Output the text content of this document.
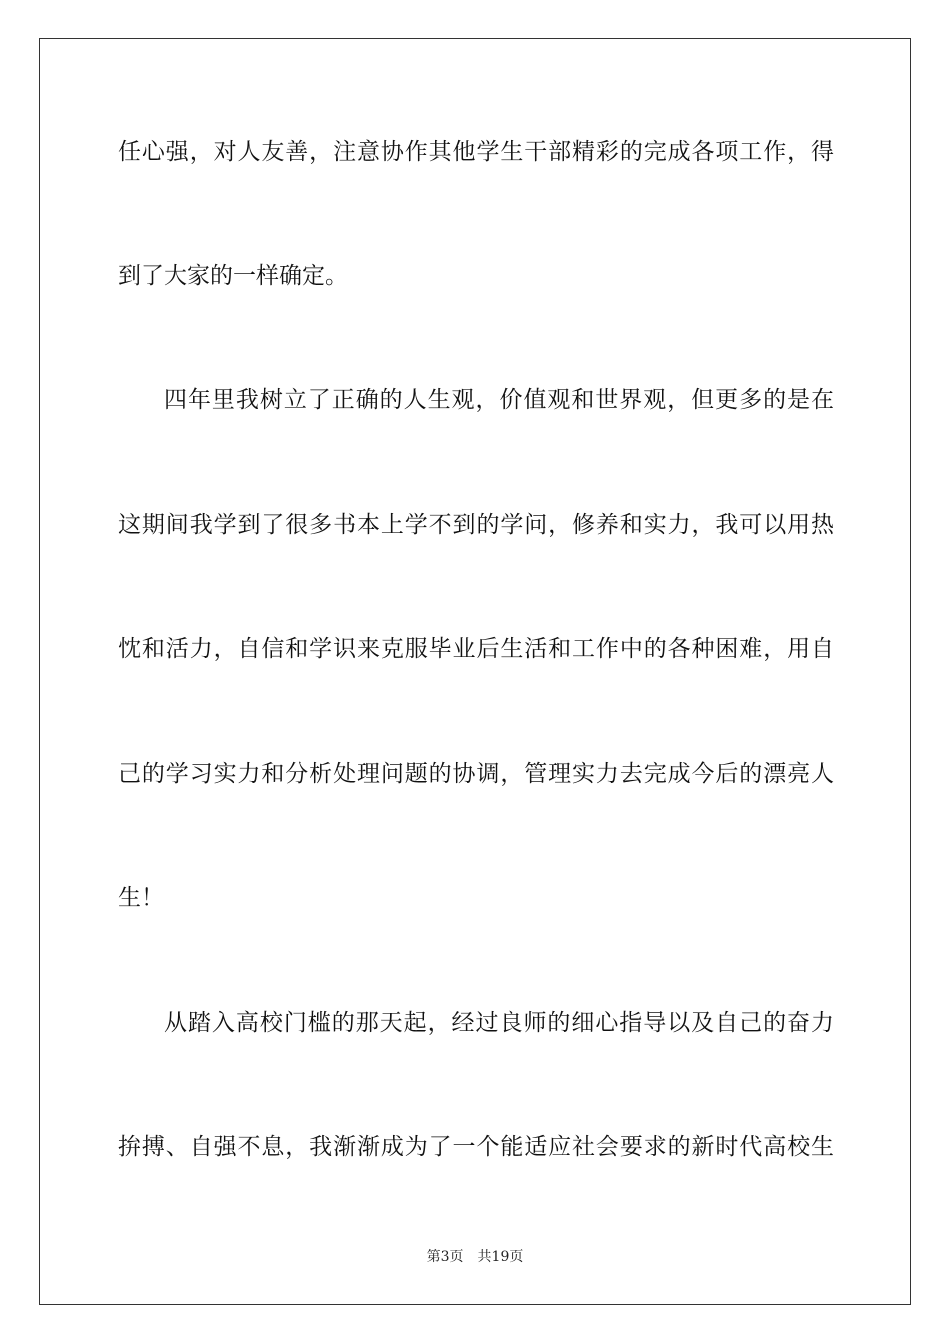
任心强，对人友善，注意协作其他学生干部精彩的完成各项工作，得
到了大家的一样确定。
四年里我树立了正确的人生观，价值观和世界观，但更多的是在
这期间我学到了很多书本上学不到的学问，修养和实力，我可以用热
忱和活力，自信和学识来克服毕业后生活和工作中的各种困难，用自
己的学习实力和分析处理问题的协调，管理实力去完成今后的漂亮人
生！
从踏入高校门槛的那天起，经过良师的细心指导以及自己的奋力
拚搏、自强不息，我渐渐成为了一个能适应社会要求的新时代高校生
第3页 共19页
